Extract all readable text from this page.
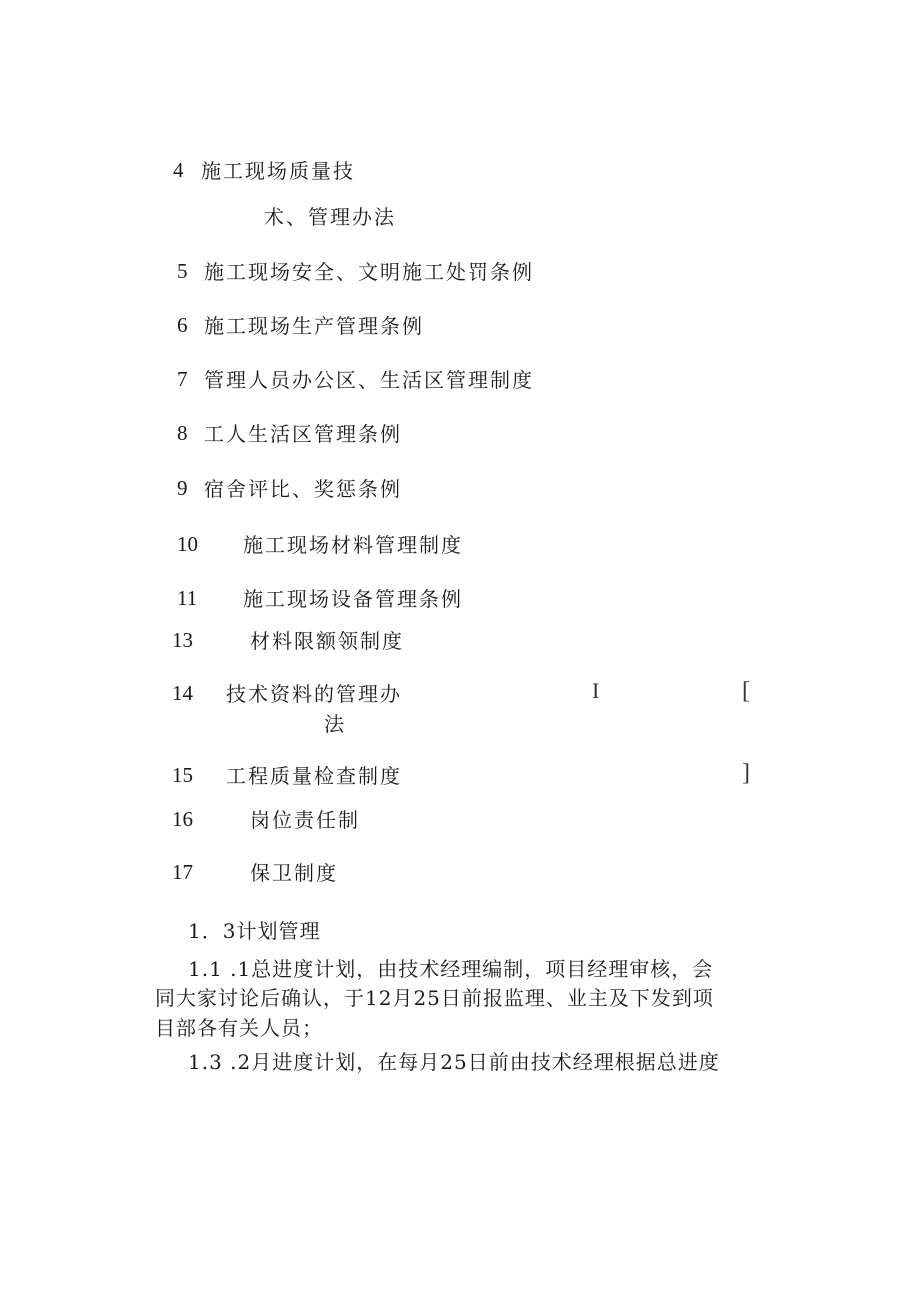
4 施工现场质量技
术、管理办法
5 施工现场安全、文明施工处罚条例
6 施工现场生产管理条例
7 管理人员办公区、生活区管理制度
8 工人生活区管理条例
9 宿舍评比、奖惩条例
10 施工现场材料管理制度
11 施工现场设备管理条例
13	材料限额领制度
14 技术资料的管理办
法
I	[
15 工程质量检查制度	]
16	岗位责任制
17	保卫制度
1．3计划管理
1.1 .1总进度计划，由技术经理编制，项目经理审核，会
同大家讨论后确认，于12月25日前报监理、业主及下发到项
目部各有关人员；
1.3 .2月进度计划，在每月25日前由技术经理根据总进度
